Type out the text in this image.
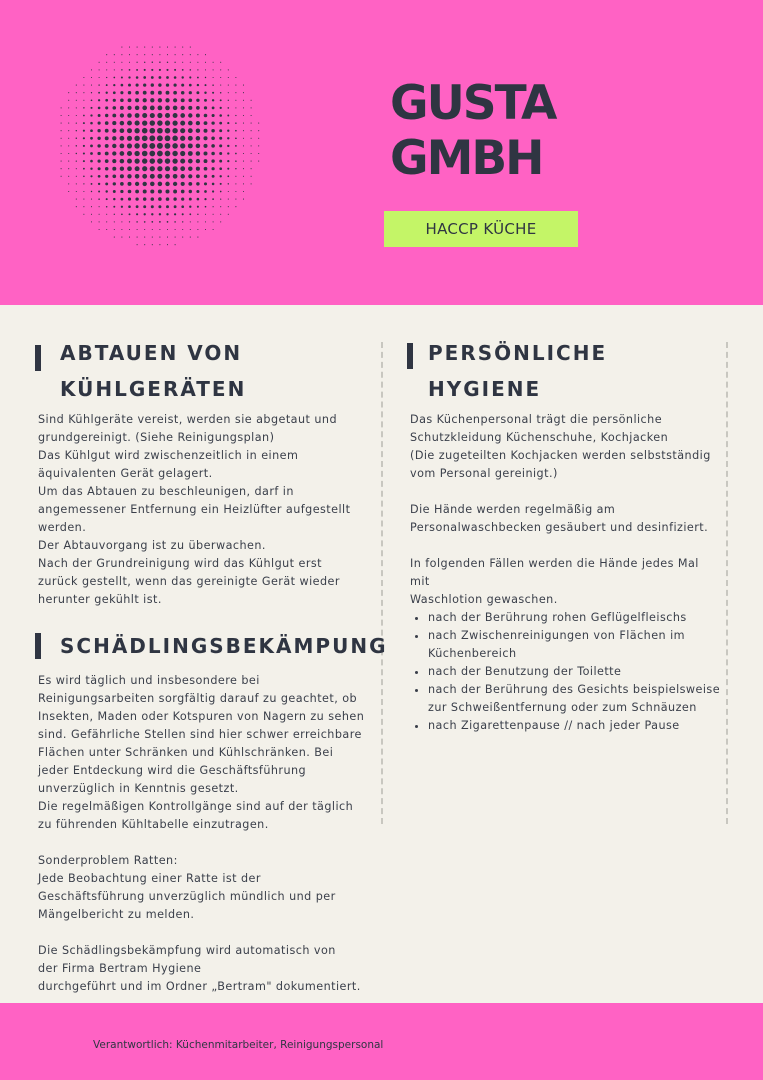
GUSTA
GMBH
HACCP KÜCHE
ABTAUEN VON
KÜHLGERÄTEN

Sind Kühlgeräte vereist, werden sie abgetaut und
grundgereinigt. (Siehe Reinigungsplan)
Das Kühlgut wird zwischenzeitlich in einem
äquivalenten Gerät gelagert.
Um das Abtauen zu beschleunigen, darf in
angemessener Entfernung ein Heizlüfter aufgestellt
werden.
Der Abtauvorgang ist zu überwachen.
Nach der Grundreinigung wird das Kühlgut erst
zurück gestellt, wenn das gereinigte Gerät wieder
herunter gekühlt ist.

SCHÄDLINGSBEKÄMPUNG

Es wird täglich und insbesondere bei
Reinigungsarbeiten sorgfältig darauf zu geachtet, ob
Insekten, Maden oder Kotspuren von Nagern zu sehen
sind. Gefährliche Stellen sind hier schwer erreichbare
Flächen unter Schränken und Kühlschränken. Bei
jeder Entdeckung wird die Geschäftsführung
unverzüglich in Kenntnis gesetzt.
Die regelmäßigen Kontrollgänge sind auf der täglich
zu führenden Kühltabelle einzutragen.

Sonderproblem Ratten:
Jede Beobachtung einer Ratte ist der
Geschäftsführung unverzüglich mündlich und per
Mängelbericht zu melden.

Die Schädlingsbekämpfung wird automatisch von
der Firma Bertram Hygiene
durchgeführt und im Ordner „Bertram" dokumentiert.

PERSÖNLICHE
HYGIENE

Das Küchenpersonal trägt die persönliche
Schutzkleidung Küchenschuhe, Kochjacken
(Die zugeteilten Kochjacken werden selbstständig
vom Personal gereinigt.)

Die Hände werden regelmäßig am
Personalwaschbecken gesäubert und desinfiziert.

In folgenden Fällen werden die Hände jedes Mal mit
Waschlotion gewaschen.

• nach der Berührung rohen Geflügelfleischs
• nach Zwischenreinigungen von Flächen im Küchenbereich
• nach der Benutzung der Toilette
• nach der Berührung des Gesichts beispielsweise zur Schweißentfernung oder zum Schnäuzen
• nach Zigarettenpause // nach jeder Pause
Verantwortlich: Küchenmitarbeiter, Reinigungspersonal
